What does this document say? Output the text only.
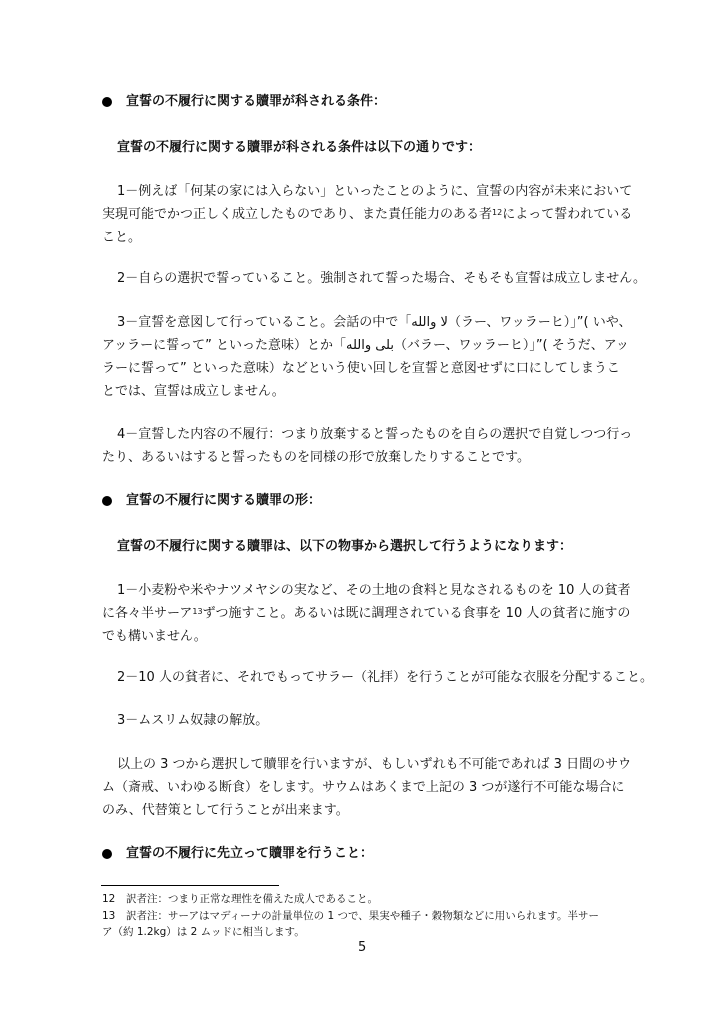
宣誓の不履行に関する贖罪が科される条件：
宣誓の不履行に関する贖罪が科される条件は以下の通りです：
1－例えば「何某の家には入らない」といったことのように、宣誓の内容が未来において
実現可能でかつ正しく成立したものであり、また責任能力のある者$^{12}$によって誓われている
こと。
2－自らの選択で誓っていること。強制されて誓った場合、そもそも宣誓は成立しません。
3－宣誓を意図して行っていること。会話の中で「لا والله（ラー、ワッラーヒ）」”( いや、
アッラーに誓って” といった意味）とか「بلى والله（バラー、ワッラーヒ）」”( そうだ、アッ
ラーに誓って” といった意味）などという使い回しを宣誓と意図せずに口にしてしまうこ
とでは、宣誓は成立しません。
4－宣誓した内容の不履行：つまり放棄すると誓ったものを自らの選択で自覚しつつ行っ
たり、あるいはすると誓ったものを同様の形で放棄したりすることです。
宣誓の不履行に関する贖罪の形：
宣誓の不履行に関する贖罪は、以下の物事から選択して行うようになります：
1－小麦粉や米やナツメヤシの実など、その土地の食料と見なされるものを 10 人の貧者
に各々半サーア$^{13}$ずつ施すこと。あるいは既に調理されている食事を 10 人の貧者に施すの
でも構いません。
2－10 人の貧者に、それでもってサラー（礼拝）を行うことが可能な衣服を分配すること。
3－ムスリム奴隷の解放。
以上の 3 つから選択して贖罪を行いますが、もしいずれも不可能であれば 3 日間のサウ
ム（斎戒、いわゆる断食）をします。サウムはあくまで上記の 3 つが遂行不可能な場合に
のみ、代替策として行うことが出来ます。
宣誓の不履行に先立って贖罪を行うこと：
12 訳者注：つまり正常な理性を備えた成人であること。
13 訳者注：サーアはマディーナの計量単位の 1 つで、果実や種子・穀物類などに用いられます。半サー
ア（約 1.2kg）は 2 ムッドに相当します。
5
